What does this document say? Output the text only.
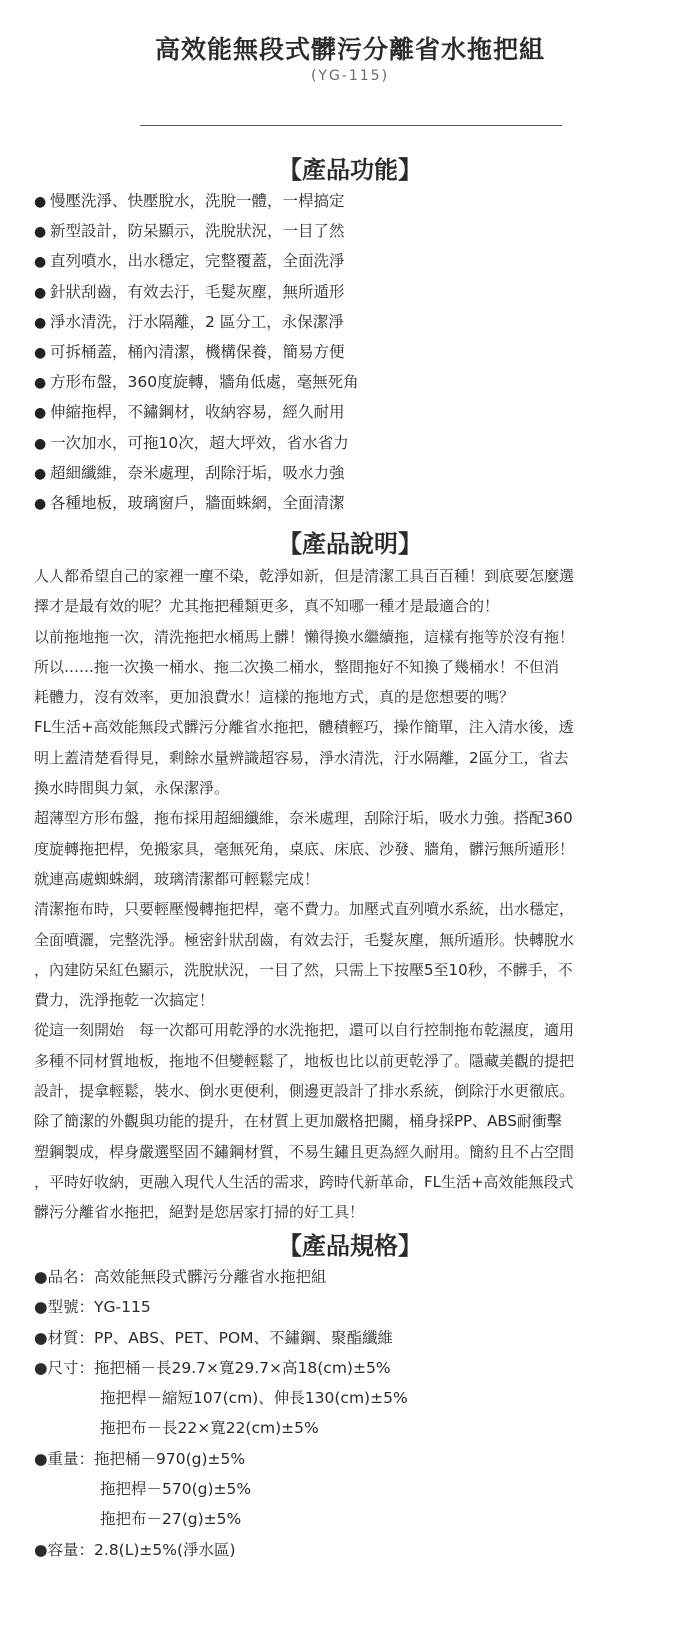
高效能無段式髒污分離省水拖把組
(YG-115)
【產品功能】
● 慢壓洗淨、快壓脫水，洗脫一體，一桿搞定
● 新型設計，防呆顯示，洗脫狀況，一目了然
● 直列噴水，出水穩定，完整覆蓋，全面洗淨
● 針狀刮齒，有效去汙，毛髮灰塵，無所遁形
● 淨水清洗，汙水隔離，2 區分工，永保潔淨
● 可拆桶蓋，桶內清潔，機構保養，簡易方便
● 方形布盤，360度旋轉，牆角低處，毫無死角
● 伸縮拖桿，不鏽鋼材，收納容易，經久耐用
● 一次加水，可拖10次，超大坪效，省水省力
● 超細纖維，奈米處理，刮除汙垢，吸水力強
● 各種地板，玻璃窗戶，牆面蛛網，全面清潔
【產品說明】

人人都希望自己的家裡一塵不染，乾淨如新，但是清潔工具百百種！到底要怎麼選

擇才是最有效的呢？尤其拖把種類更多，真不知哪一種才是最適合的！

以前拖地拖一次，清洗拖把水桶馬上髒！懶得換水繼續拖，這樣有拖等於沒有拖！

所以……拖一次換一桶水、拖二次換二桶水，整間拖好不知換了幾桶水！不但消

耗體力，沒有效率，更加浪費水！這樣的拖地方式，真的是您想要的嗎？

FL生活+高效能無段式髒污分離省水拖把，體積輕巧，操作簡單，注入清水後，透

明上蓋清楚看得見，剩餘水量辨識超容易，淨水清洗，汙水隔離，2區分工，省去

換水時間與力氣，永保潔淨。

超薄型方形布盤，拖布採用超細纖維，奈米處理，刮除汙垢，吸水力強。搭配360

度旋轉拖把桿，免搬家具，毫無死角，桌底、床底、沙發、牆角，髒污無所遁形！

就連高處蜘蛛網，玻璃清潔都可輕鬆完成！

清潔拖布時，只要輕壓慢轉拖把桿，毫不費力。加壓式直列噴水系統，出水穩定，

全面噴灑，完整洗淨。極密針狀刮齒，有效去汙，毛髮灰塵，無所遁形。快轉脫水

，內建防呆紅色顯示，洗脫狀況，一目了然，只需上下按壓5至10秒，不髒手，不

費力，洗淨拖乾一次搞定！

從這一刻開始　每一次都可用乾淨的水洗拖把，還可以自行控制拖布乾濕度，適用

多種不同材質地板，拖地不但變輕鬆了，地板也比以前更乾淨了。隱藏美觀的提把

設計，提拿輕鬆，裝水、倒水更便利，側邊更設計了排水系統，倒除汙水更徹底。

除了簡潔的外觀與功能的提升，在材質上更加嚴格把關，桶身採PP、ABS耐衝擊

塑鋼製成，桿身嚴選堅固不鏽鋼材質，不易生鏽且更為經久耐用。簡約且不占空間

，平時好收納，更融入現代人生活的需求，跨時代新革命，FL生活+高效能無段式

髒污分離省水拖把，絕對是您居家打掃的好工具！

【產品規格】
●品名：高效能無段式髒污分離省水拖把組
●型號：YG-115
●材質：PP、ABS、PET、POM、不鏽鋼、聚酯纖維
●尺寸：拖把桶－長29.7×寬29.7×高18(cm)±5%
拖把桿－縮短107(cm)、伸長130(cm)±5%
拖把布－長22×寬22(cm)±5%
●重量：拖把桶－970(g)±5%
拖把桿－570(g)±5%
拖把布－27(g)±5%
●容量：2.8(L)±5%(淨水區)
